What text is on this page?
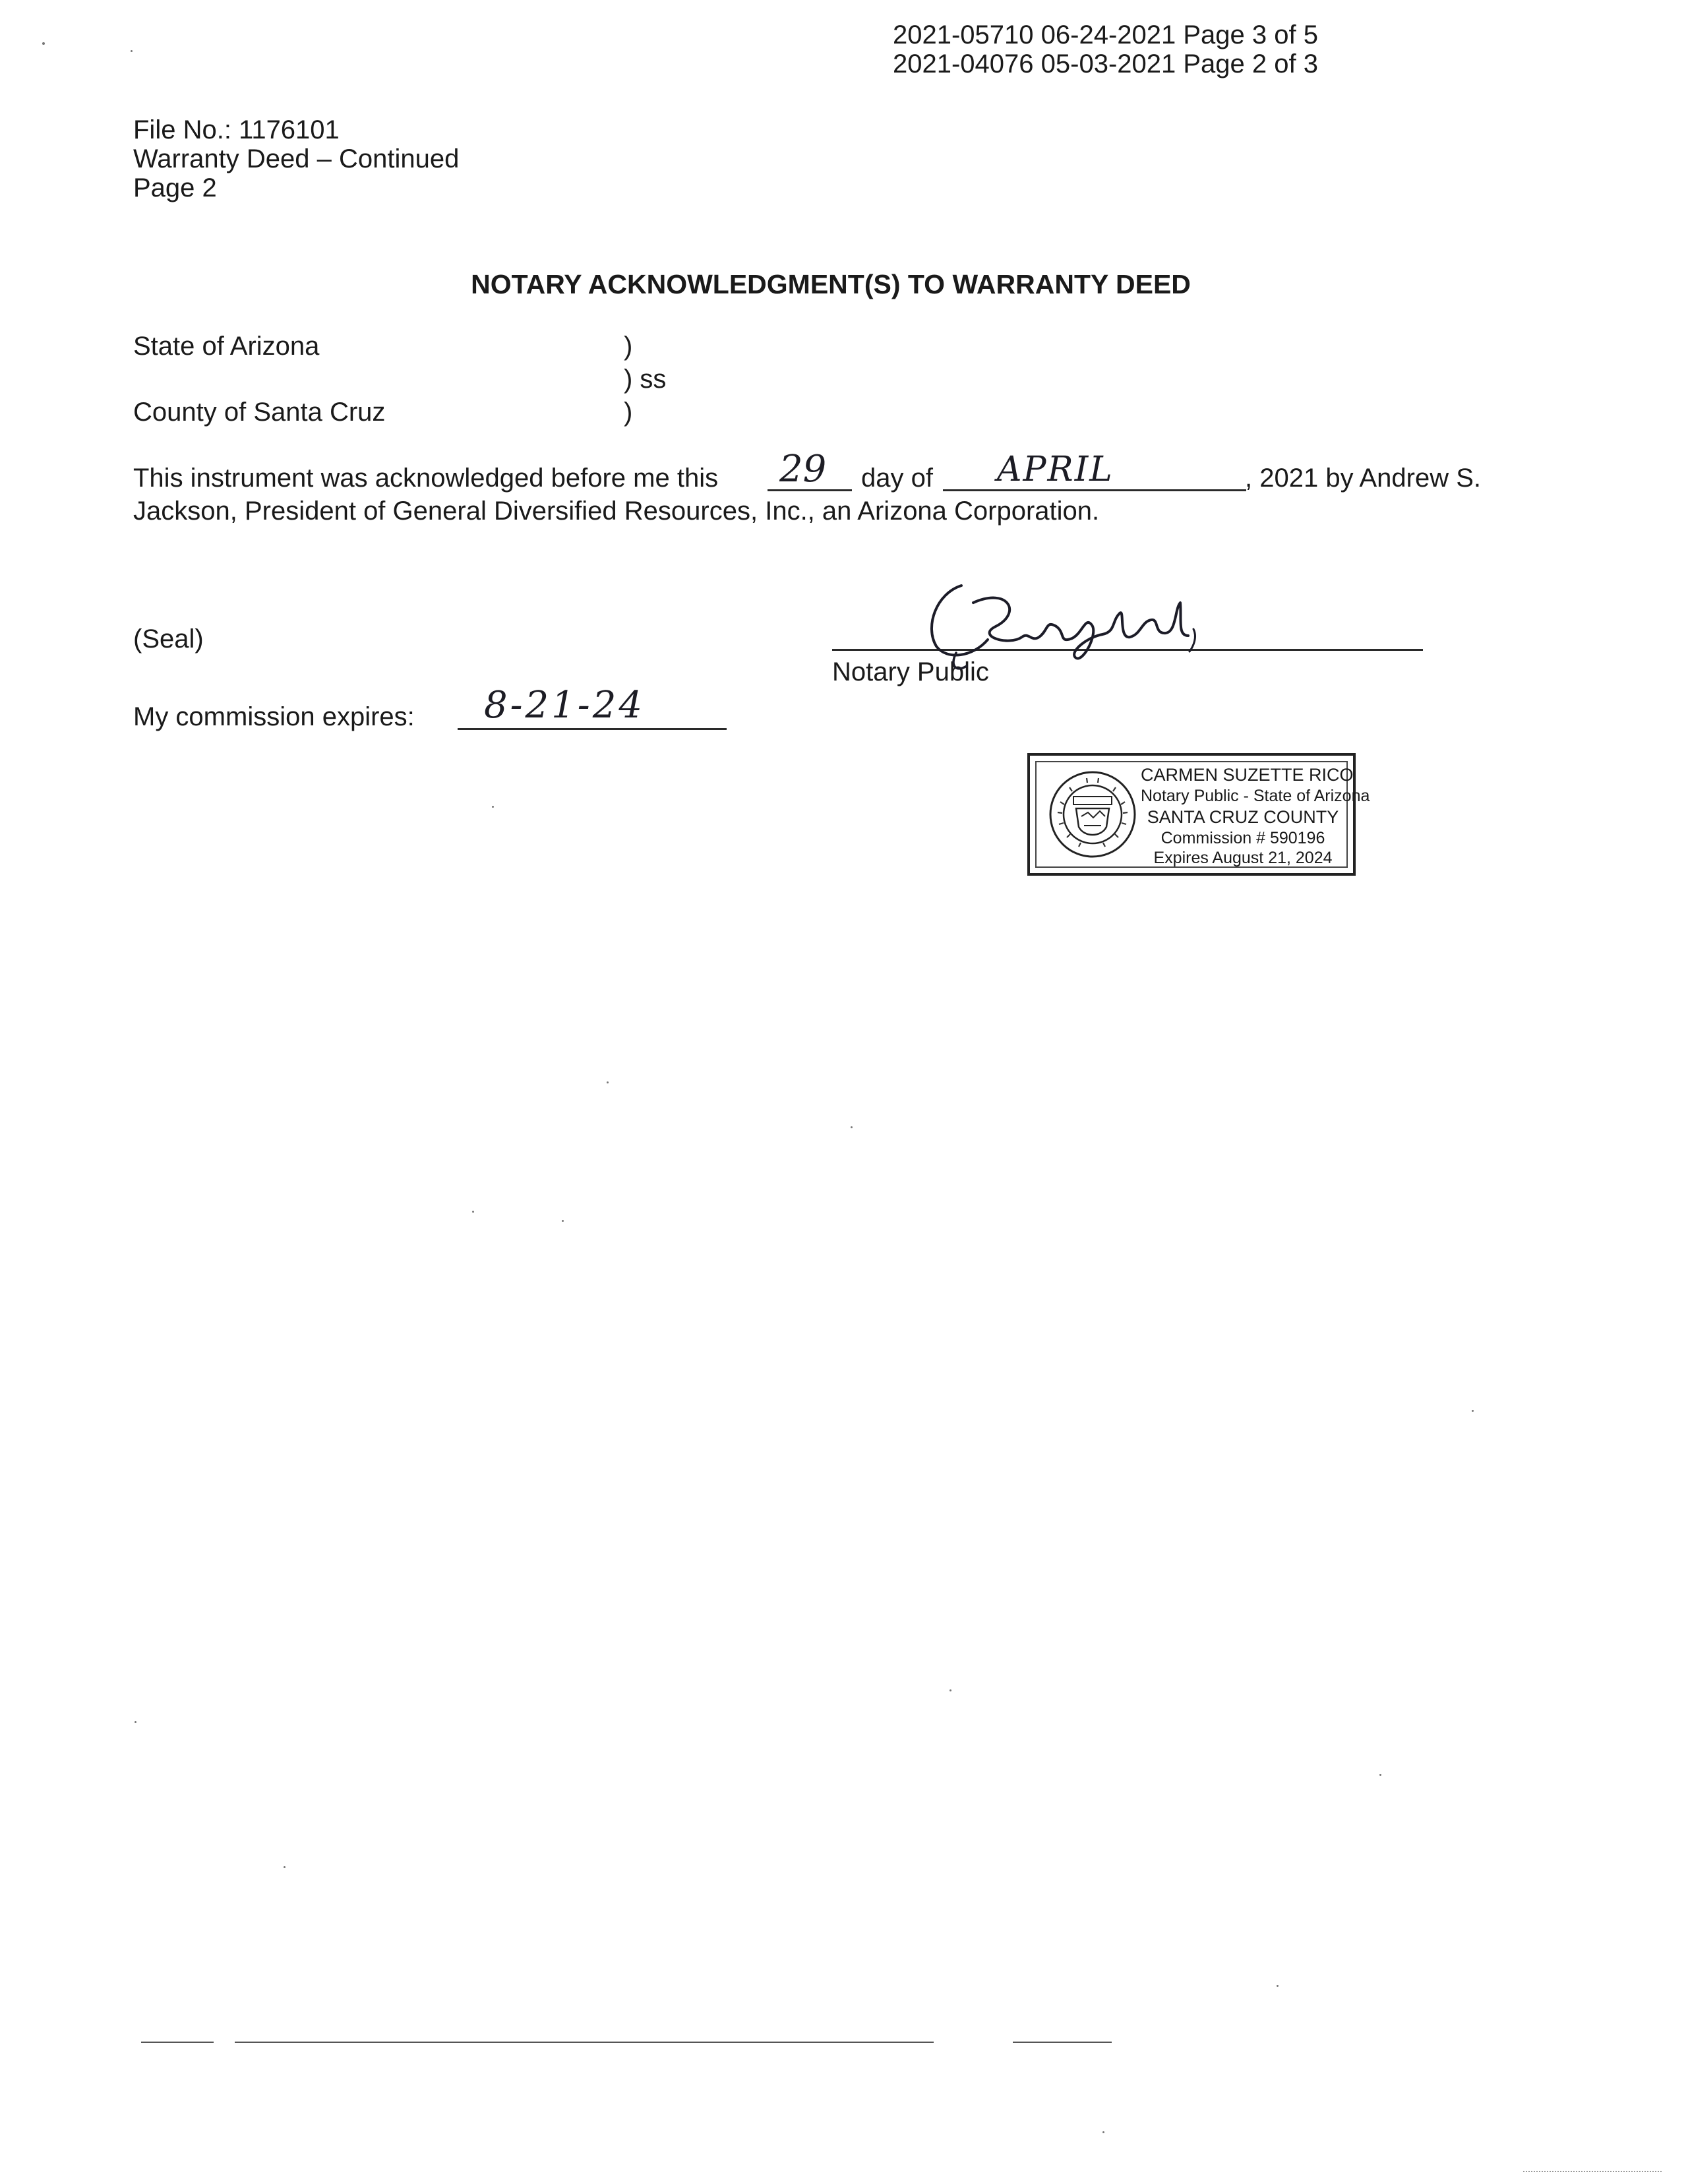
2021-05710 06-24-2021 Page 3 of 5
2021-04076 05-03-2021 Page 2 of 3
File No.: 1176101
Warranty Deed – Continued
Page 2
NOTARY ACKNOWLEDGMENT(S) TO WARRANTY DEED
State of Arizona	)
) ss
)
County of Santa Cruz
This instrument was acknowledged before me this 29 day of APRIL	, 2021 by Andrew S.
Jackson, President of General Diversified Resources, Inc., an Arizona Corporation.
(Seal)
Notary Public
My commission expires: 8-21-24
CARMEN SUZETTE RICO
Notary Public - State of Arizona
SANTA CRUZ COUNTY
Commission # 590196
Expires August 21, 2024
